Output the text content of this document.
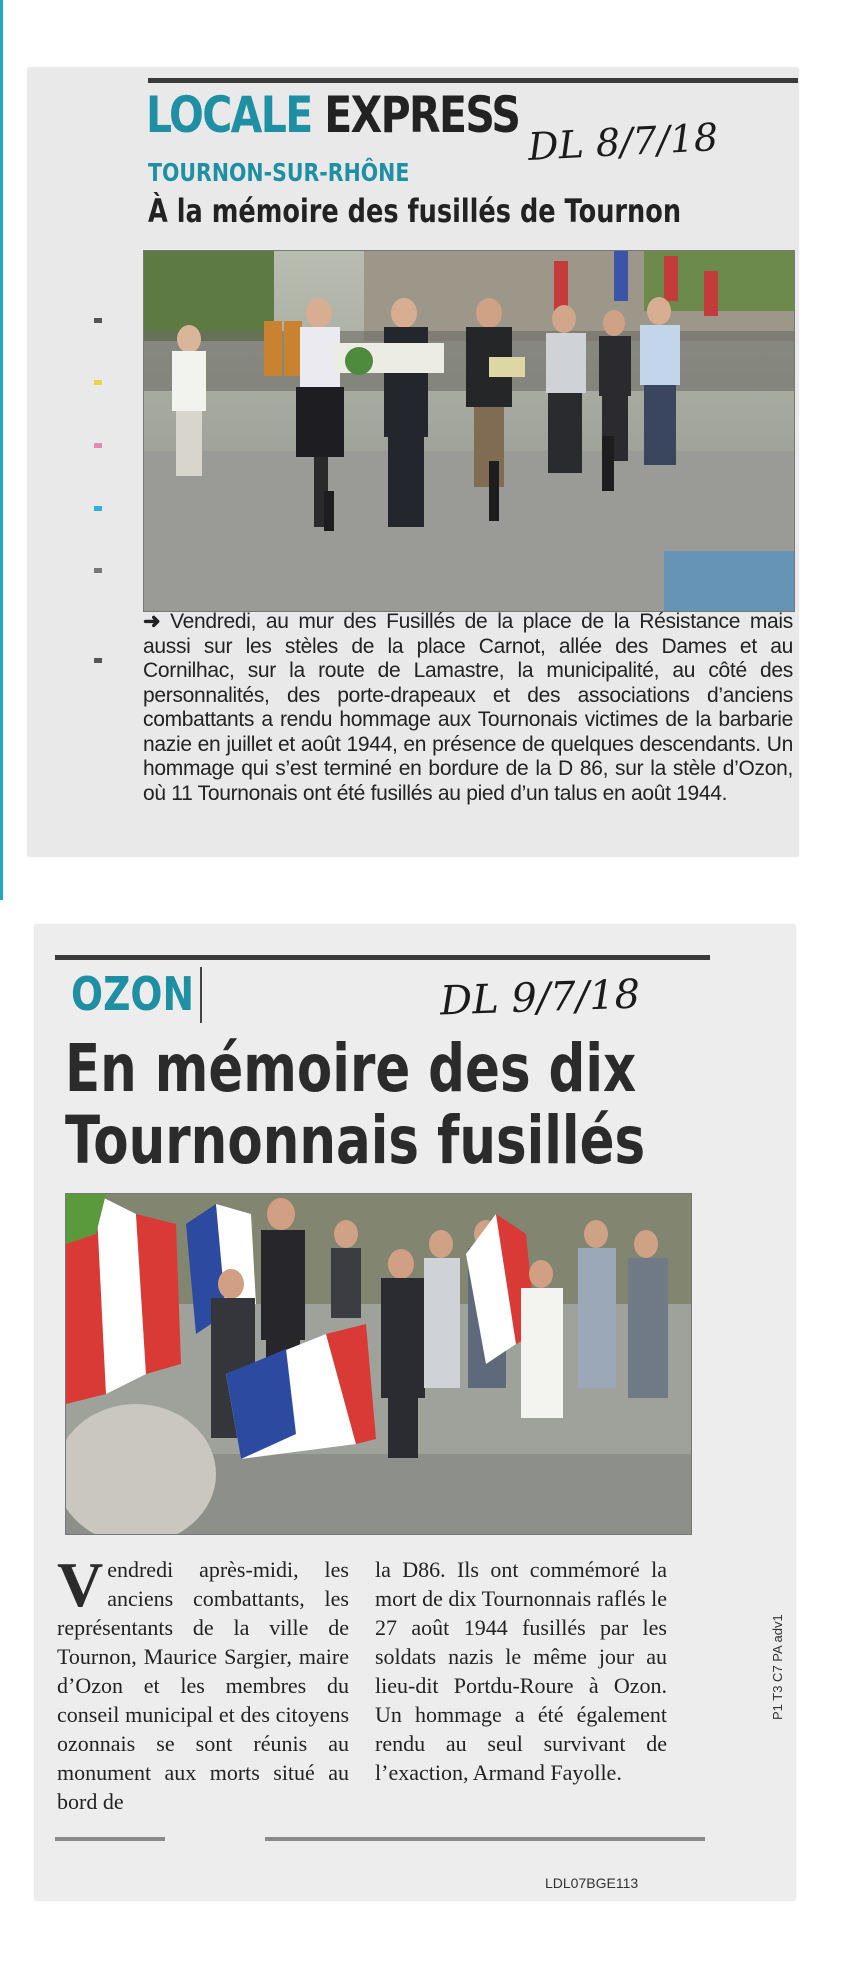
LOCALE EXPRESS DL 8/7/18
TOURNON-SUR-RHÔNE
À la mémoire des fusillés de Tournon

➜ Vendredi, au mur des Fusillés de la place de la Résistance mais aussi sur les stèles de la place Carnot, allée des Dames et au Cornilhac, sur la route de Lamastre, la municipalité, au côté des personnalités, des porte-drapeaux et des associations d’anciens combattants a rendu hommage aux Tournonais victimes de la barbarie nazie en juillet et août 1944, en présence de quelques descendants. Un hommage qui s’est terminé en bordure de la D 86, sur la stèle d’Ozon, où 11 Tournonais ont été fusillés au pied d’un talus en août 1944.

OZON	DL 9/7/18
En mémoire des dix
Tournonnais fusillés
Vendredi après-midi, les anciens combattants, les représentants de la ville de Tournon, Maurice Sargier, maire d’Ozon et les membres du conseil municipal et des citoyens ozonnais se sont réunis au monument aux morts situé au bord de
la D86. Ils ont commémoré la mort de dix Tournonnais raflés le 27 août 1944 fusillés par les soldats nazis le même jour au lieu-dit Portdu-Roure à Ozon. Un hommage a été également rendu au seul survivant de l’exaction, Armand Fayolle.
P1 T3 C7 PA adv1
LDL07BGE113
